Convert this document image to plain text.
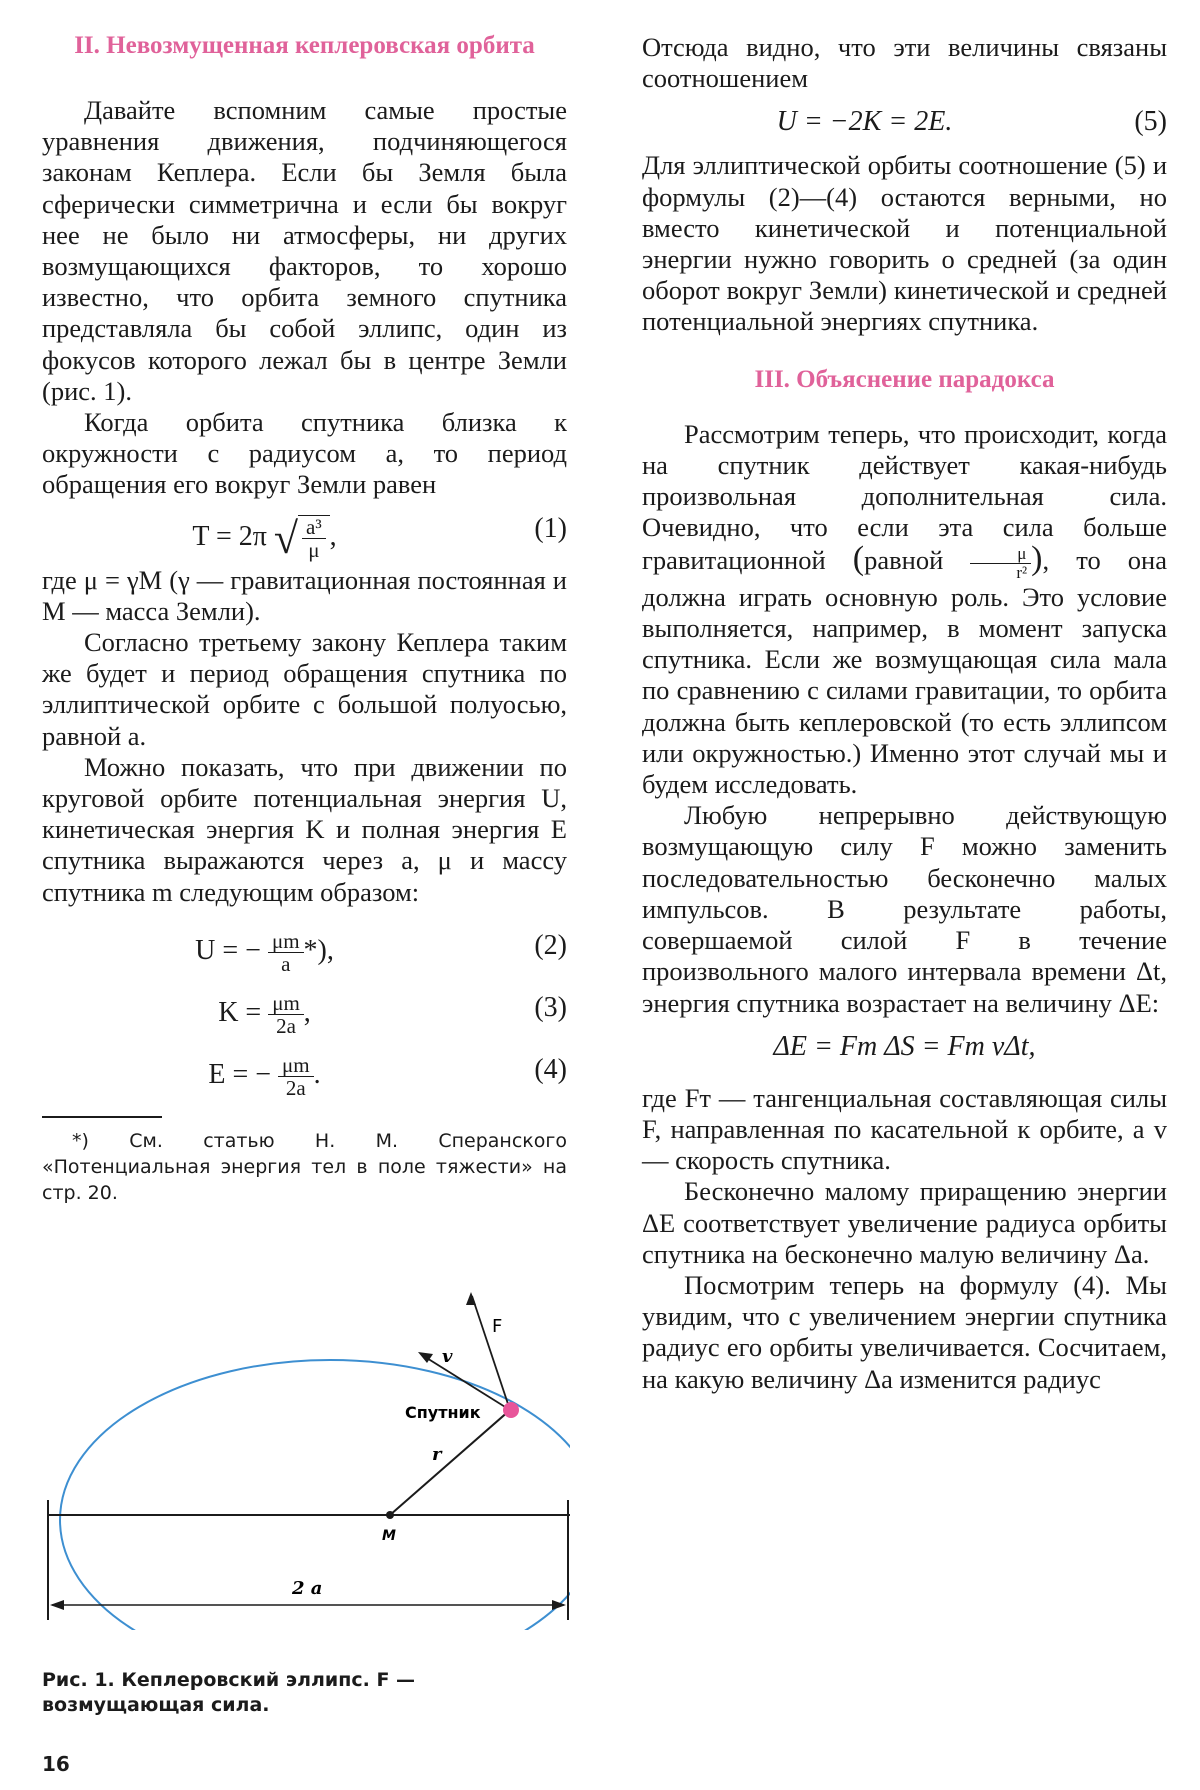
II. Невозмущенная кеплеровская орбита

Давайте вспомним самые простые уравнения движения, подчиняющегося законам Кеплера. Если бы Земля была сферически симметрична и если бы вокруг нее не было ни атмосферы, ни других возмущающихся факторов, то хорошо известно, что орбита земного спутника представляла бы собой эллипс, один из фокусов которого лежал бы в центре Земли (рис. 1).

Когда орбита спутника близка к окружности с радиусом a, то период обращения его вокруг Земли равен

T = 2π √ $\frac{\text{a³}}{\mu}$ ,	(1)

где μ = γM (γ — гравитационная постоянная и M — масса Земли).

Согласно третьему закону Кеплера таким же будет и период обращения спутника по эллиптической орбите с большой полуосью, равной a.

Можно показать, что при движении по круговой орбите потенциальная энергия U, кинетическая энергия K и полная энергия E спутника выражаются через a, μ и массу спутника m следующим образом:

U = − $\frac{\mu m}{a}$ *),	(2)
$K = \frac{\mu m}{2a}$ ,	(3)
E = − $\frac{\mu m}{2a}$ .	(4)

*) См. статью Н. М. Сперанского «Потенциальная энергия тел в поле тяжести» на стр. 20.

v
F
Спутник
r
M
2 a

Рис. 1. Кеплеровский эллипс. F — возмущающая сила.

16

Отсюда видно, что эти величины связаны соотношением

U = −2K = 2E.	(5)

Для эллиптической орбиты соотношение (5) и формулы (2)—(4) остаются верными, но вместо кинетической и потенциальной энергии нужно говорить о средней (за один оборот вокруг Земли) кинетической и средней потенциальной энергиях спутника.

III. Объяснение парадокса

Рассмотрим теперь, что происходит, когда на спутник действует какая-нибудь произвольная дополнительная сила. Очевидно, что если эта сила больше гравитационной (равной $\frac{\mu}{\text{r²}}$ ), то она должна играть основную роль. Это условие выполняется, например, в момент запуска спутника. Если же возмущающая сила мала по сравнению с силами гравитации, то орбита должна быть кеплеровской (то есть эллипсом или окружностью.) Именно этот случай мы и будем исследовать.

Любую непрерывно действующую возмущающую силу F можно заменить последовательностью бесконечно малых импульсов. В результате работы, совершаемой силой F в течение произвольного малого интервала времени Δt, энергия спутника возрастает на величину ΔE:

ΔE = Fт ΔS = Fт vΔt,

где Fт — тангенциальная составляющая силы F, направленная по касательной к орбите, а v — скорость спутника.

Бесконечно малому приращению энергии ΔE соответствует увеличение радиуса орбиты спутника на бесконечно малую величину Δa.

Посмотрим теперь на формулу (4). Мы увидим, что с увеличением энергии спутника радиус его орбиты увеличивается. Сосчитаем, на какую величину Δa изменится радиус
